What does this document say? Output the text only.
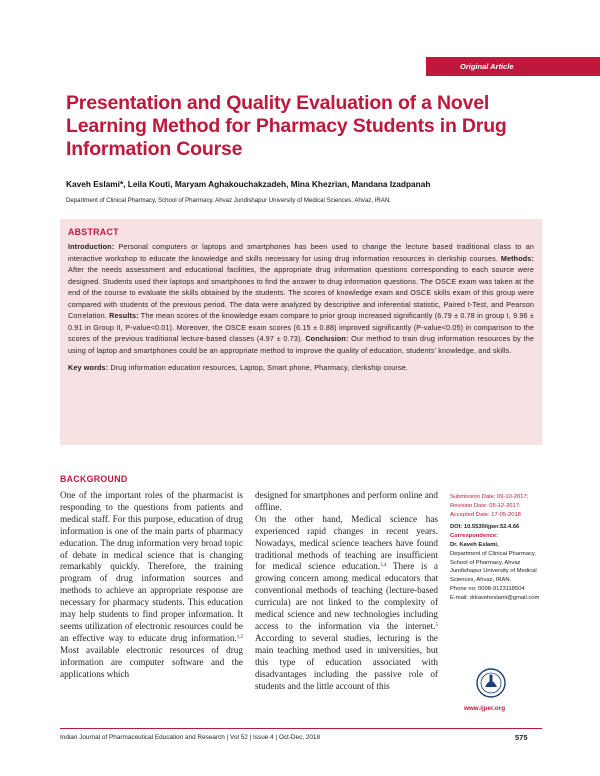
Original Article
Presentation and Quality Evaluation of a Novel Learning Method for Pharmacy Students in Drug Information Course
Kaveh Eslami*, Leila Kouti, Maryam Aghakouchakzadeh, Mina Khezrian, Mandana Izadpanah
Department of Clinical Pharmacy, School of Pharmacy, Ahvaz Jundishapur University of Medical Sciences, Ahvaz, IRAN.
ABSTRACT
Introduction: Personal computers or laptops and smartphones has been used to change the lecture based traditional class to an interactive workshop to educate the knowledge and skills necessary for using drug information resources in clerkship courses. Methods: After the needs assessment and educational facilities, the appropriate drug information questions corresponding to each source were designed. Students used their laptops and smartphones to find the answer to drug information questions. The OSCE exam was taken at the end of the course to evaluate the skills obtained by the students. The scores of knowledge exam and OSCE skills exam of this group were compared with students of the previous period. The data were analyzed by descriptive and inferential statistic, Paired t-Test, and Pearson Correlation. Results: The mean scores of the knowledge exam compare to prior group increased significantly (6.79 ± 0.78 in group I, 9.96 ± 0.91 in Group II, P-value<0.01). Moreover, the OSCE exam scores (6.15 ± 0.88) improved significantly (P-value<0.05) in comparison to the scores of the previous traditional lecture-based classes (4.97 ± 0.73). Conclusion: Our method to train drug information resources by the using of laptop and smartphones could be an appropriate method to improve the quality of education, students' knowledge, and skills.
Key words: Drug information education resources, Laptop, Smart phone, Pharmacy, clerkship course.
BACKGROUND

One of the important roles of the pharmacist is responding to the questions from patients and medical staff. For this purpose, education of drug information is one of the main parts of pharmacy education. The drug information very broad topic of debate in medical science that is changing remarkably quickly. Therefore, the training program of drug information sources and methods to achieve an appropriate response are necessary for pharmacy students. This education may help students to find proper information. It seems utilization of electronic resources could be an effective way to educate drug information.$^{1,2}$ Most available electronic resources of drug information are computer software and the applications which

designed for smartphones and perform online and offline.

On the other hand, Medical science has experienced rapid changes in recent years. Nowadays, medical science teachers have found traditional methods of teaching are insufficient for medical science education.$^{3,4}$ There is a growing concern among medical educators that conventional methods of teaching (lecture-based curricula) are not linked to the complexity of medical science and new technologies including access to the information via the internet.$^5$ According to several studies, lecturing is the main teaching method used in universities, but this type of education associated with disadvantages including the passive role of students and the little account of this

Submission Date: 09-10-2017;
Revision Date: 05-12-2017;
Accepted Date: 17-05-2018
DOI: 10.5530/ijper.52.4.66
Correspondence:
Dr. Kaveh Eslami,
Department of Clinical Pharmacy, School of Pharmacy, Ahvaz Jundishapur University of Medical Sciences, Ahvaz, IRAN.
Phone no: 0098-9123118504
E-mail: drkaveheslami@gmail.com
www.ijper.org
Indian Journal of Pharmaceutical Education and Research | Vol 52 | Issue 4 | Oct-Dec, 2018	575
